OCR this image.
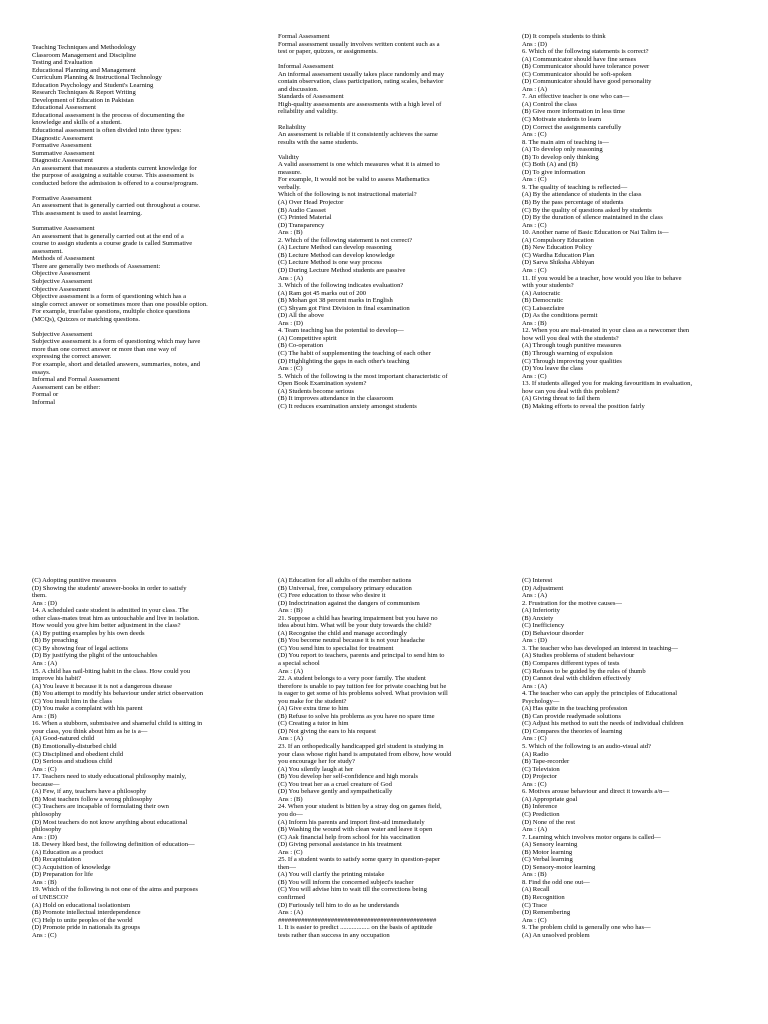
Teaching Techniques and Methodology
Classroom Management and Discipline
Testing and Evaluation
Educational Planning and Management
Curriculum Planning & Instructional Technology
Education Psychology and Student's Learning
Research Techniques & Report Writing
Development of Education in Pakistan
Educational Assessment
Educational assessment is the process of documenting the
knowledge and skills of a student.
Educational assessment is often divided into three types:
Diagnostic Assessment
Formative Assessment
Summative Assessment
Diagnostic Assessment
An assessment that measures a students current knowledge for
the purpose of assigning a suitable course. This assessment is
conducted before the admission is offered to a course/program.
Formative Assessment
An assessment that is generally carried out throughout a course.
This assessment is used to assist learning.
Summative Assessment
An assessment that is generally carried out at the end of a
course to assign students a course grade is called Summative
assessment.
Methods of Assessment
There are generally two methods of Assessment:
Objective Assessment
Subjective Assessment
Objective Assessment
Objective assessment is a form of questioning which has a
single correct answer or sometimes more than one possible option.
For example, true/false questions, multiple choice questions
(MCQs), Quizzes or matching questions.
Subjective Assessment
Subjective assessment is a form of questioning which may have
more than one correct answer or more than one way of
expressing the correct answer.
For example, short and detailed answers, summaries, notes, and
essays.
Informal and Formal Assessment
Assessment can be either:
Formal or
Informal
Formal Assessment
Formal assessment usually involves written content such as a
test or paper, quizzes, or assignments.
Informal Assessment
An informal assessment usually takes place randomly and may
contain observation, class participation, rating scales, behavior
and discussion.
Standards of Assessment
High-quality assessments are assessments with a high level of
reliability and validity.
Reliability
An assessment is reliable if it consistently achieves the same
results with the same students.
Validity
A valid assessment is one which measures what it is aimed to
measure.
For example, It would not be valid to assess Mathematics
verbally.
Which of the following is not instructional material?
(A) Over Head Projector
(B) Audio Cassset
(C) Printed Material
(D) Transparency
Ans : (B)
2. Which of the following statement is not correct?
(A) Lecture Method can develop reasoning
(B) Lecture Method can develop knowledge
(C) Lecture Method is one way process
(D) During Lecture Method students are passive
Ans : (A)
3. Which of the following indicates evaluation?
(A) Ram got 45 marks out of 200
(B) Mohan got 38 percent marks in English
(C) Shyam got First Division in final examination
(D) All the above
Ans : (D)
4. Team teaching has the potential to develop—
(A) Competitive spirit
(B) Co-operation
(C) The habit of supplementing the teaching of each other
(D) Highlighting the gaps in each other's teaching
Ans : (C)
5. Which of the following is the most important characteristic of
Open Book Examination system?
(A) Students become serious
(B) It improves attendance in the classroom
(C) It reduces examination anxiety amongst students
(D) It compels students to think
Ans : (D)
6. Which of the following statements is correct?
(A) Communicator should have fine senses
(B) Communicator should have tolerance power
(C) Communicator should be soft-spoken
(D) Communicator should have good personality
Ans : (A)
7. An effective teacher is one who can—
(A) Control the class
(B) Give more information in less time
(C) Motivate students to learn
(D) Correct the assignments carefully
Ans : (C)
8. The main aim of teaching is—
(A) To develop only reasoning
(B) To develop only thinking
(C) Both (A) and (B)
(D) To give information
Ans : (C)
9. The quality of teaching is reflected—
(A) By the attendance of students in the class
(B) By the pass percentage of students
(C) By the quality of questions asked by students
(D) By the duration of silence maintained in the class
Ans : (C)
10. Another name of Basic Education or Nai Talim is—
(A) Compulsory Education
(B) New Education Policy
(C) Wardha Education Plan
(D) Sarva Shiksha Abhiyan
Ans : (C)
11. If you would be a teacher, how would you like to behave
with your students?
(A) Autocratic
(B) Democratic
(C) Laissezfaire
(D) As the conditions permit
Ans : (B)
12. When you are mal-treated in your class as a newcomer then
how will you deal with the students?
(A) Through tough punitive measures
(B) Through warning of expulsion
(C) Through improving your qualities
(D) You leave the class
Ans : (C)
13. If students alleged you for making favouritism in evaluation,
how can you deal with this problem?
(A) Giving threat to fail them
(B) Making efforts to reveal the position fairly
(C) Adopting punitive measures
(D) Showing the students' answer-books in order to satisfy
them.
Ans : (D)
14. A scheduled caste student is admitted in your class. The
other class-mates treat him as untouchable and live in isolation.
How would you give him better adjustment in the class?
(A) By putting examples by his own deeds
(B) By preaching
(C) By showing fear of legal actions
(D) By justifying the plight of the untouchables
Ans : (A)
15. A child has nail-biting habit in the class. How could you
improve his habit?
(A) You leave it because it is not a dangerous disease
(B) You attempt to modify his behaviour under strict observation
(C) You insult him in the class
(D) You make a complaint with his parent
Ans : (B)
16. When a stubborn, submissive and shameful child is sitting in
your class, you think about him as he is a—
(A) Good-natured child
(B) Emotionally-disturbed child
(C) Disciplined and obedient child
(D) Serious and studious child
Ans : (C)
17. Teachers need to study educational philosophy mainly,
because—
(A) Few, if any, teachers have a philosophy
(B) Most teachers follow a wrong philosophy
(C) Teachers are incapable of formulating their own
philosophy
(D) Most teachers do not know anything about educational
philosophy
Ans : (D)
18. Dewey liked best, the following definition of education—
(A) Education as a product
(B) Recapitulation
(C) Acquisition of knowledge
(D) Preparation for life
Ans : (B)
19. Which of the following is not one of the aims and purposes
of UNESCO?
(A) Hold on educational isolationism
(B) Promote intellectual interdependence
(C) Help to unite peoples of the world
(D) Promote pride in nationals its groups
Ans : (C)
(A) Education for all adults of the member nations
(B) Universal, free, compulsory primary education
(C) Free education to those who desire it
(D) Indoctrination against the dangers of communism
Ans : (B)
21. Suppose a child has hearing impairment but you have no
idea about him. What will be your duty towards the child?
(A) Recognise the child and manage accordingly
(B) You become neutral because it is not your headache
(C) You send him to specialist for treatment
(D) You report to teachers, parents and principal to send him to
a special school
Ans : (A)
22. A student belongs to a very poor family. The student
therefore is unable to pay tuition fee for private coaching but he
is eager to get some of his problems solved. What provision will
you make for the student?
(A) Give extra time to him
(B) Refuse to solve his problems as you have no spare time
(C) Creating a tutor in him
(D) Not giving the ears to his request
Ans : (A)
23. If an orthopedically handicapped girl student is studying in
your class whose right hand is amputated from elbow, how would
you encourage her for study?
(A) You silently laugh at her
(B) You develop her self-confidence and high morals
(C) You treat her as a cruel creature of God
(D) You behave gently and sympathetically
Ans : (B)
24. When your student is bitten by a stray dog on games field,
you do—
(A) Inform his parents and import first-aid immediately
(B) Washing the wound with clean water and leave it open
(C) Ask financial help from school for his vaccination
(D) Giving personal assistance in his treatment
Ans : (C)
25. If a student wants to satisfy some query in question-paper
then—
(A) You will clarify the printing mistake
(B) You will inform the concerned subject's teacher
(C) You will advise him to wait till the corrections being
confirmed
(D) Furiously tell him to do as he understands
Ans : (A)
################################################
1. It is easier to predict .................. on the basis of aptitude
tests rather than success in any occupation
(C) Interest
(D) Adjustment
Ans : (A)
2. Frustration for the motive causes—
(A) Inferiority
(B) Anxiety
(C) Inefficiency
(D) Behaviour disorder
Ans : (D)
3. The teacher who has developed an interest in teaching—
(A) Studies problems of student behaviour
(B) Compares different types of tests
(C) Refuses to be guided by the rules of thumb
(D) Cannot deal with children effectively
Ans : (A)
4. The teacher who can apply the principles of Educational
Psychology—
(A) Has quite in the teaching profession
(B) Can provide readymade solutions
(C) Adjust his method to suit the needs of individual children
(D) Compares the theories of learning
Ans : (C)
5. Which of the following is an audio-visual aid?
(A) Radio
(B) Tape-recorder
(C) Television
(D) Projector
Ans : (C)
6. Motives arouse behaviour and direct it towards a/n—
(A) Appropriate goal
(B) Inference
(C) Prediction
(D) None of the rest
Ans : (A)
7. Learning which involves motor organs is called—
(A) Sensory learning
(B) Motor learning
(C) Verbal learning
(D) Sensory-motor learning
Ans : (B)
8. Find the odd one out—
(A) Recall
(B) Recognition
(C) Trace
(D) Remembering
Ans : (C)
9. The problem child is generally one who has—
(A) An unsolved problem
